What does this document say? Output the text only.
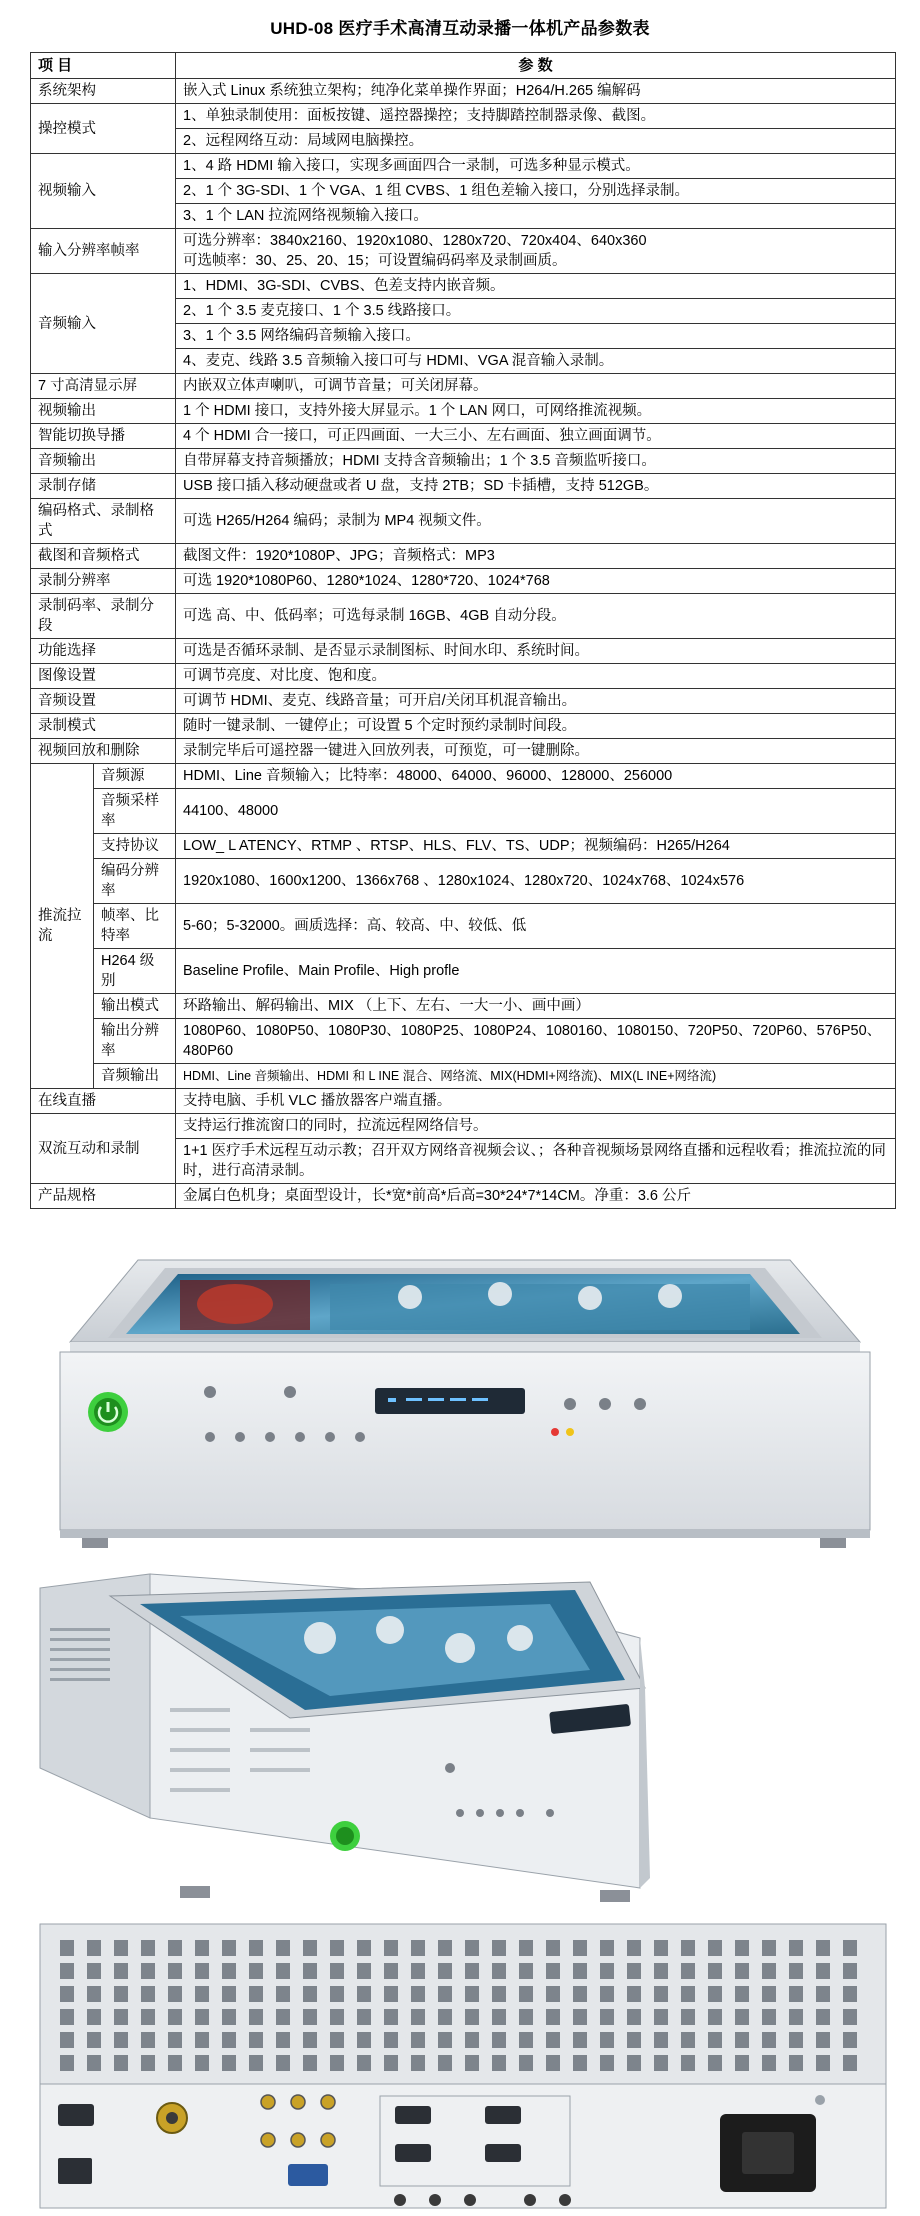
UHD-08 医疗手术高清互动录播一体机产品参数表
项 目		参 数
系统架构		嵌入式 Linux 系统独立架构；纯净化菜单操作界面；H264/H.265 编解码
操控模式		1、单独录制使用：面板按键、遥控器操控；支持脚踏控制器录像、截图。
		2、远程网络互动：局域网电脑操控。
视频输入		1、4 路 HDMI 输入接口，实现多画面四合一录制，可选多种显示模式。
		2、1 个 3G-SDI、1 个 VGA、1 组 CVBS、1 组色差输入接口，分别选择录制。
		3、1 个 LAN 拉流网络视频输入接口。
输入分辨率帧率		可选分辨率：3840x2160、1920x1080、1280x720、720x404、640x360
可选帧率：30、25、20、15；可设置编码码率及录制画质。
音频输入		1、HDMI、3G-SDI、CVBS、色差支持内嵌音频。
		2、1 个 3.5 麦克接口、1 个 3.5 线路接口。
		3、1 个 3.5 网络编码音频输入接口。
		4、麦克、线路 3.5 音频输入接口可与 HDMI、VGA 混音输入录制。
7 寸高清显示屏		内嵌双立体声喇叭，可调节音量；可关闭屏幕。
视频输出		1 个 HDMI 接口，支持外接大屏显示。1 个 LAN 网口，可网络推流视频。
智能切换导播		4 个 HDMI 合一接口，可正四画面、一大三小、左右画面、独立画面调节。
音频输出		自带屏幕支持音频播放；HDMI 支持含音频输出；1 个 3.5 音频监听接口。
录制存储		USB 接口插入移动硬盘或者 U 盘，支持 2TB；SD 卡插槽，支持 512GB。
编码格式、录制格式		可选 H265/H264 编码；录制为 MP4 视频文件。
截图和音频格式		截图文件：1920*1080P、JPG；音频格式：MP3
录制分辨率		可选 1920*1080P60、1280*1024、1280*720、1024*768
录制码率、录制分段		可选 高、中、低码率；可选每录制 16GB、4GB 自动分段。
功能选择		可选是否循环录制、是否显示录制图标、时间水印、系统时间。
图像设置		可调节亮度、对比度、饱和度。
音频设置		可调节 HDMI、麦克、线路音量；可开启/关闭耳机混音输出。
录制模式		随时一键录制、一键停止；可设置 5 个定时预约录制时间段。
视频回放和删除		录制完毕后可遥控器一键进入回放列表，可预览，可一键删除。
推流拉流	音频源	HDMI、Line 音频输入；比特率：48000、64000、96000、128000、256000
	音频采样率	44100、48000
	支持协议	LOW_ L ATENCY、RTMP 、RTSP、HLS、FLV、TS、UDP；视频编码：H265/H264
	编码分辨率	1920x1080、1600x1200、1366x768 、1280x1024、1280x720、1024x768、1024x576
	帧率、比特率	5-60；5-32000。画质选择：高、较高、中、较低、低
	H264 级别	Baseline Profile、Main Profile、High profle
	输出模式	环路输出、解码输出、MIX （上下、左右、一大一小、画中画）
	输出分辨率	1080P60、1080P50、1080P30、1080P25、1080P24、1080160、1080150、720P50、720P60、576P50、480P60
	音频输出	HDMI、Line 音频输出、HDMI 和 L INE 混合、网络流、MIX(HDMI+网络流)、MIX(L INE+网络流)
在线直播		支持电脑、手机 VLC 播放器客户端直播。
双流互动和录制		支持运行推流窗口的同时，拉流远程网络信号。
		1+1 医疗手术远程互动示教；召开双方网络音视频会议、；各种音视频场景网络直播和远程收看；推流拉流的同时，进行高清录制。
产品规格		金属白色机身；桌面型设计，长*宽*前高*后高=30*24*7*14CM。净重：3.6 公斤
